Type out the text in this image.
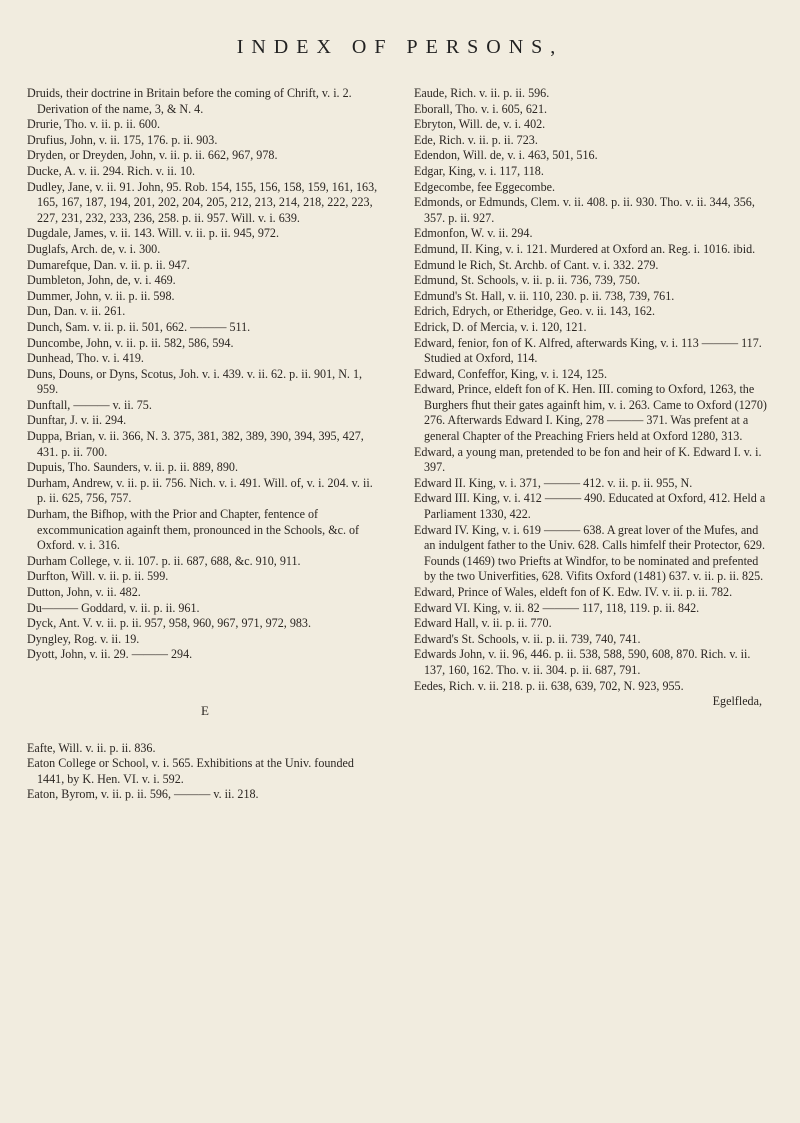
INDEX OF PERSONS,

Druids, their doctrine in Britain before the coming of Chrift, v. i. 2. Derivation of the name, 3, & N. 4.

Drurie, Tho. v. ii. p. ii. 600.

Drufius, John, v. ii. 175, 176. p. ii. 903.

Dryden, or Dreyden, John, v. ii. p. ii. 662, 967, 978.

Ducke, A. v. ii. 294. Rich. v. ii. 10.

Dudley, Jane, v. ii. 91. John, 95. Rob. 154, 155, 156, 158, 159, 161, 163, 165, 167, 187, 194, 201, 202, 204, 205, 212, 213, 214, 218, 222, 223, 227, 231, 232, 233, 236, 258. p. ii. 957. Will. v. i. 639.

Dugdale, James, v. ii. 143. Will. v. ii. p. ii. 945, 972.

Duglafs, Arch. de, v. i. 300.

Dumarefque, Dan. v. ii. p. ii. 947.

Dumbleton, John, de, v. i. 469.

Dummer, John, v. ii. p. ii. 598.

Dun, Dan. v. ii. 261.

Dunch, Sam. v. ii. p. ii. 501, 662. ——— 511.

Duncombe, John, v. ii. p. ii. 582, 586, 594.

Dunhead, Tho. v. i. 419.

Duns, Douns, or Dyns, Scotus, Joh. v. i. 439. v. ii. 62. p. ii. 901, N. 1, 959.

Dunftall, ——— v. ii. 75.

Dunftar, J. v. ii. 294.

Duppa, Brian, v. ii. 366, N. 3. 375, 381, 382, 389, 390, 394, 395, 427, 431. p. ii. 700.

Dupuis, Tho. Saunders, v. ii. p. ii. 889, 890.

Durham, Andrew, v. ii. p. ii. 756. Nich. v. i. 491. Will. of, v. i. 204. v. ii. p. ii. 625, 756, 757.

Durham, the Bifhop, with the Prior and Chapter, fentence of excommunication againft them, pronounced in the Schools, &c. of Oxford. v. i. 316.

Durham College, v. ii. 107. p. ii. 687, 688, &c. 910, 911.

Durfton, Will. v. ii. p. ii. 599.

Dutton, John, v. ii. 482.

Du——— Goddard, v. ii. p. ii. 961.

Dyck, Ant. V. v. ii. p. ii. 957, 958, 960, 967, 971, 972, 983.

Dyngley, Rog. v. ii. 19.

Dyott, John, v. ii. 29. ——— 294.

E

Eafte, Will. v. ii. p. ii. 836.

Eaton College or School, v. i. 565. Exhibitions at the Univ. founded 1441, by K. Hen. VI. v. i. 592.

Eaton, Byrom, v. ii. p. ii. 596, ——— v. ii. 218.

Eaude, Rich. v. ii. p. ii. 596.

Eborall, Tho. v. i. 605, 621.

Ebryton, Will. de, v. i. 402.

Ede, Rich. v. ii. p. ii. 723.

Edendon, Will. de, v. i. 463, 501, 516.

Edgar, King, v. i. 117, 118.

Edgecombe, fee Eggecombe.

Edmonds, or Edmunds, Clem. v. ii. 408. p. ii. 930. Tho. v. ii. 344, 356, 357. p. ii. 927.

Edmonfon, W. v. ii. 294.

Edmund, II. King, v. i. 121. Murdered at Oxford an. Reg. i. 1016. ibid.

Edmund le Rich, St. Archb. of Cant. v. i. 332. 279.

Edmund, St. Schools, v. ii. p. ii. 736, 739, 750.

Edmund's St. Hall, v. ii. 110, 230. p. ii. 738, 739, 761.

Edrich, Edrych, or Etheridge, Geo. v. ii. 143, 162.

Edrick, D. of Mercia, v. i. 120, 121.

Edward, fenior, fon of K. Alfred, afterwards King, v. i. 113 ——— 117. Studied at Oxford, 114.

Edward, Confeffor, King, v. i. 124, 125.

Edward, Prince, eldeft fon of K. Hen. III. coming to Oxford, 1263, the Burghers fhut their gates againft him, v. i. 263. Came to Oxford (1270) 276. Afterwards Edward I. King, 278 ——— 371. Was prefent at a general Chapter of the Preaching Friers held at Oxford 1280, 313.

Edward, a young man, pretended to be fon and heir of K. Edward I. v. i. 397.

Edward II. King, v. i. 371, ——— 412. v. ii. p. ii. 955, N.

Edward III. King, v. i. 412 ——— 490. Educated at Oxford, 412. Held a Parliament 1330, 422.

Edward IV. King, v. i. 619 ——— 638. A great lover of the Mufes, and an indulgent father to the Univ. 628. Calls himfelf their Protector, 629. Founds (1469) two Priefts at Windfor, to be nominated and prefented by the two Univerfities, 628. Vifits Oxford (1481) 637. v. ii. p. ii. 825.

Edward, Prince of Wales, eldeft fon of K. Edw. IV. v. ii. p. ii. 782.

Edward VI. King, v. ii. 82 ——— 117, 118, 119. p. ii. 842.

Edward Hall, v. ii. p. ii. 770.

Edward's St. Schools, v. ii. p. ii. 739, 740, 741.

Edwards John, v. ii. 96, 446. p. ii. 538, 588, 590, 608, 870. Rich. v. ii. 137, 160, 162. Tho. v. ii. 304. p. ii. 687, 791.

Eedes, Rich. v. ii. 218. p. ii. 638, 639, 702, N. 923, 955.

Egelfleda,
